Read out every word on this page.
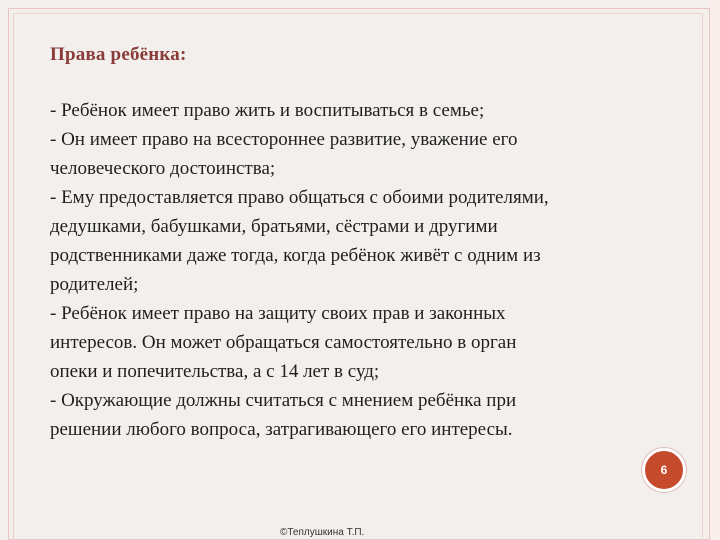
Права ребёнка:

- Ребёнок имеет право жить и воспитываться в семье;

- Он имеет право на всестороннее развитие, уважение его

человеческого достоинства;

- Ему предоставляется право общаться с обоими родителями,

дедушками, бабушками, братьями, сёстрами и другими

родственниками даже тогда, когда ребёнок живёт с одним из

родителей;

- Ребёнок имеет право на защиту своих прав и законных

интересов. Он может обращаться самостоятельно в орган

опеки и попечительства, а с 14 лет в суд;

- Окружающие должны считаться с мнением ребёнка при

решении любого вопроса, затрагивающего его интересы.

6
©Теплушкина Т.П.
